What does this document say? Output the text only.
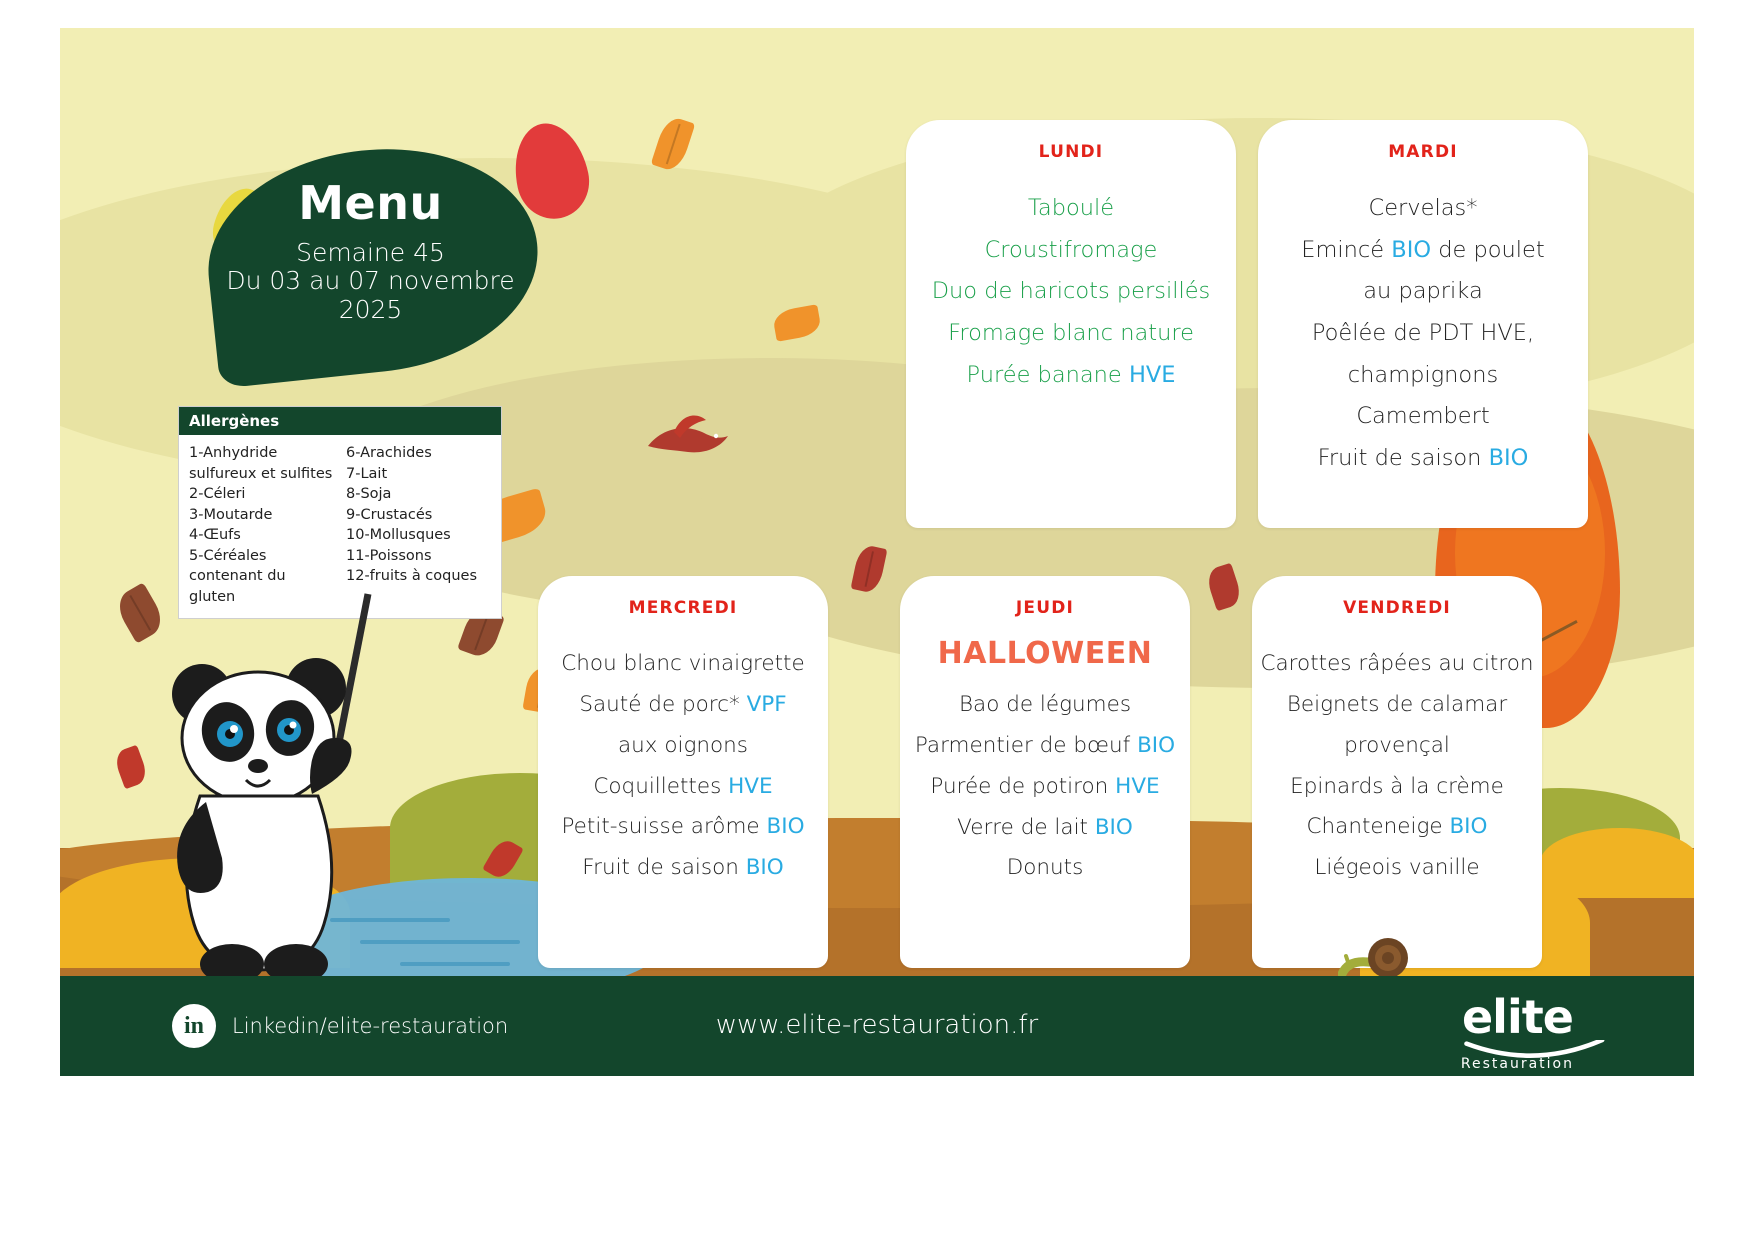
Menu
Semaine 45
Du 03 au 07 novembre
2025
Allergènes
1-Anhydride
sulfureux et sulfites
2-Céleri
3-Moutarde
4-Œufs
5-Céréales
contenant du gluten
6-Arachides
7-Lait
8-Soja
9-Crustacés
10-Mollusques
11-Poissons
12-fruits à coques
LUNDI
Taboulé
Croustifromage
Duo de haricots persillés
Fromage blanc nature
Purée banane HVE
MARDI
Cervelas*
Emincé BIO de poulet
au paprika
Poêlée de PDT HVE, champignons
Camembert
Fruit de saison BIO
MERCREDI
Chou blanc vinaigrette
Sauté de porc* VPF
aux oignons
Coquillettes HVE
Petit-suisse arôme BIO
Fruit de saison BIO
JEUDI
HALLOWEEN
Bao de légumes
Parmentier de bœuf BIO
Purée de potiron HVE
Verre de lait BIO
Donuts
VENDREDI
Carottes râpées au citron
Beignets de calamar
provençal
Epinards à la crème
Chanteneige BIO
Liégeois vanille
in	Linkedin/elite-restauration	www.elite-restauration.fr	elite
Restauration
